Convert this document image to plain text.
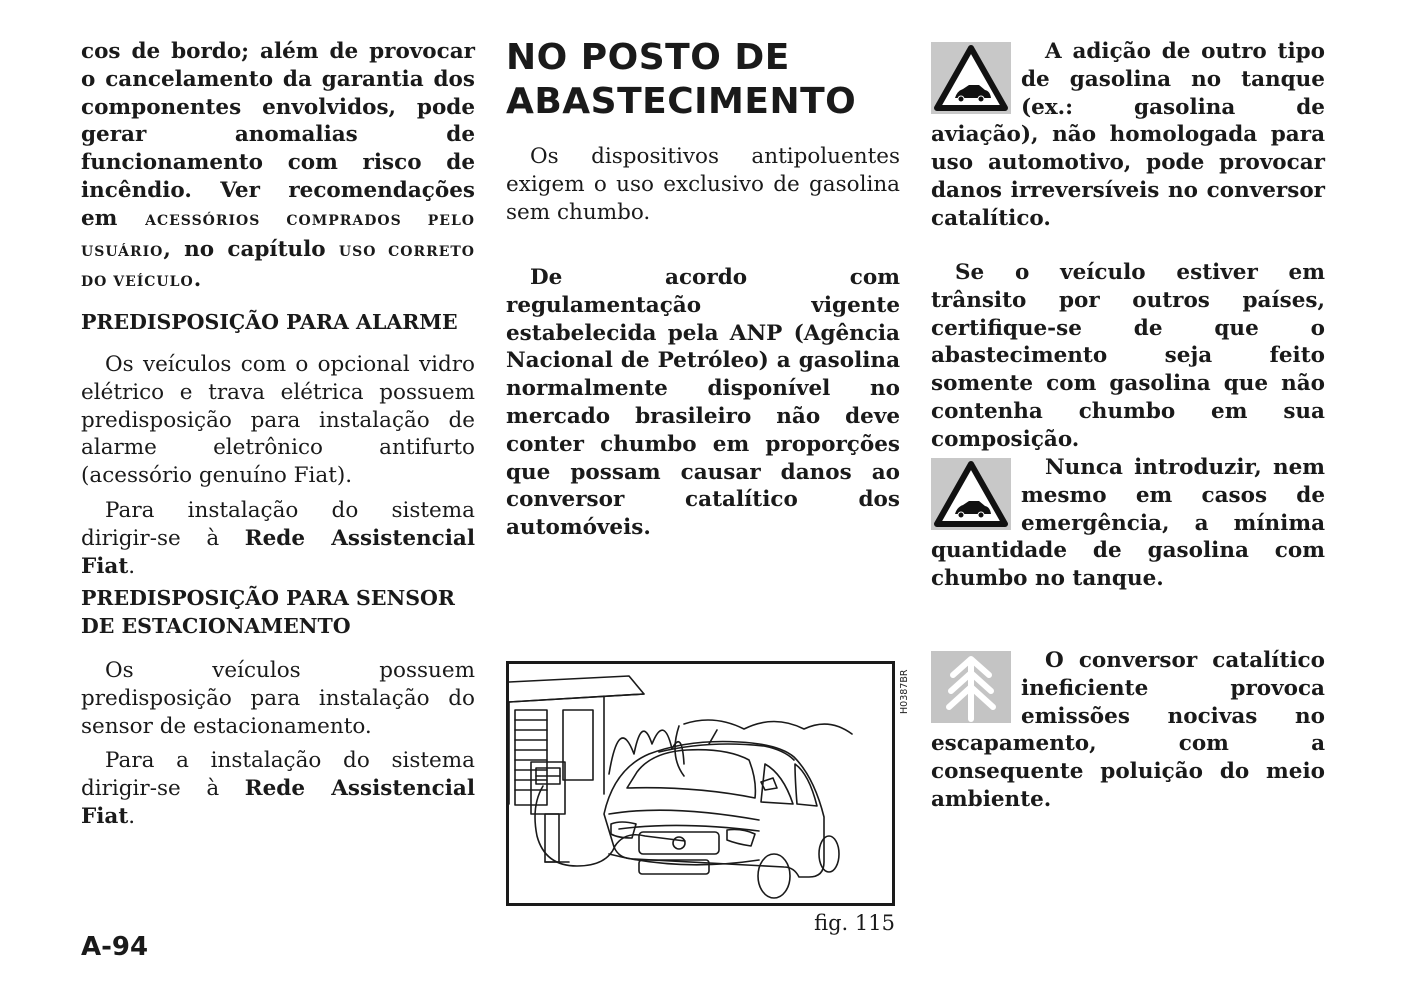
cos de bordo; além de provocar o cancelamento da garantia dos componentes envolvidos, pode gerar anomalias de funcionamento com risco de incêndio. Ver recomendações em ACESSÓRIOS COMPRADOS PELO USUÁRIO, no capítulo USO CORRETO DO VEÍCULO.

PREDISPOSIÇÃO PARA ALARME

Os veículos com o opcional vidro elétrico e trava elétrica possuem predisposição para instalação de alarme eletrônico antifurto (acessório genuíno Fiat).

Para instalação do sistema dirigir-se à Rede Assistencial Fiat.

PREDISPOSIÇÃO PARA SENSOR DE ESTACIONAMENTO

Os veículos possuem predisposição para instalação do sensor de estacionamento.

Para a instalação do sistema dirigir-se à Rede Assistencial Fiat.

NO POSTO DE

ABASTECIMENTO

Os dispositivos antipoluentes exigem o uso exclusivo de gasolina sem chumbo.

De acordo com regulamentação vigente estabelecida pela ANP (Agência Nacional de Petróleo) a gasolina normalmente disponível no mercado brasileiro não deve conter chumbo em proporções que possam causar danos ao conversor catalítico dos automóveis.

H0387BR
fig. 115

A adição de outro tipo de gasolina no tanque (ex.: gasolina de aviação), não homologada para uso automotivo, pode provocar danos irreversíveis no conversor catalítico.

Se o veículo estiver em trânsito por outros países, certifique-se de que o abastecimento seja feito somente com gasolina que não contenha chumbo em sua composição.

Nunca introduzir, nem mesmo em casos de emergência, a mínima quantidade de gasolina com chumbo no tanque.

O conversor catalítico ineficiente provoca emissões nocivas no escapamento, com a consequente poluição do meio ambiente.

A-94
